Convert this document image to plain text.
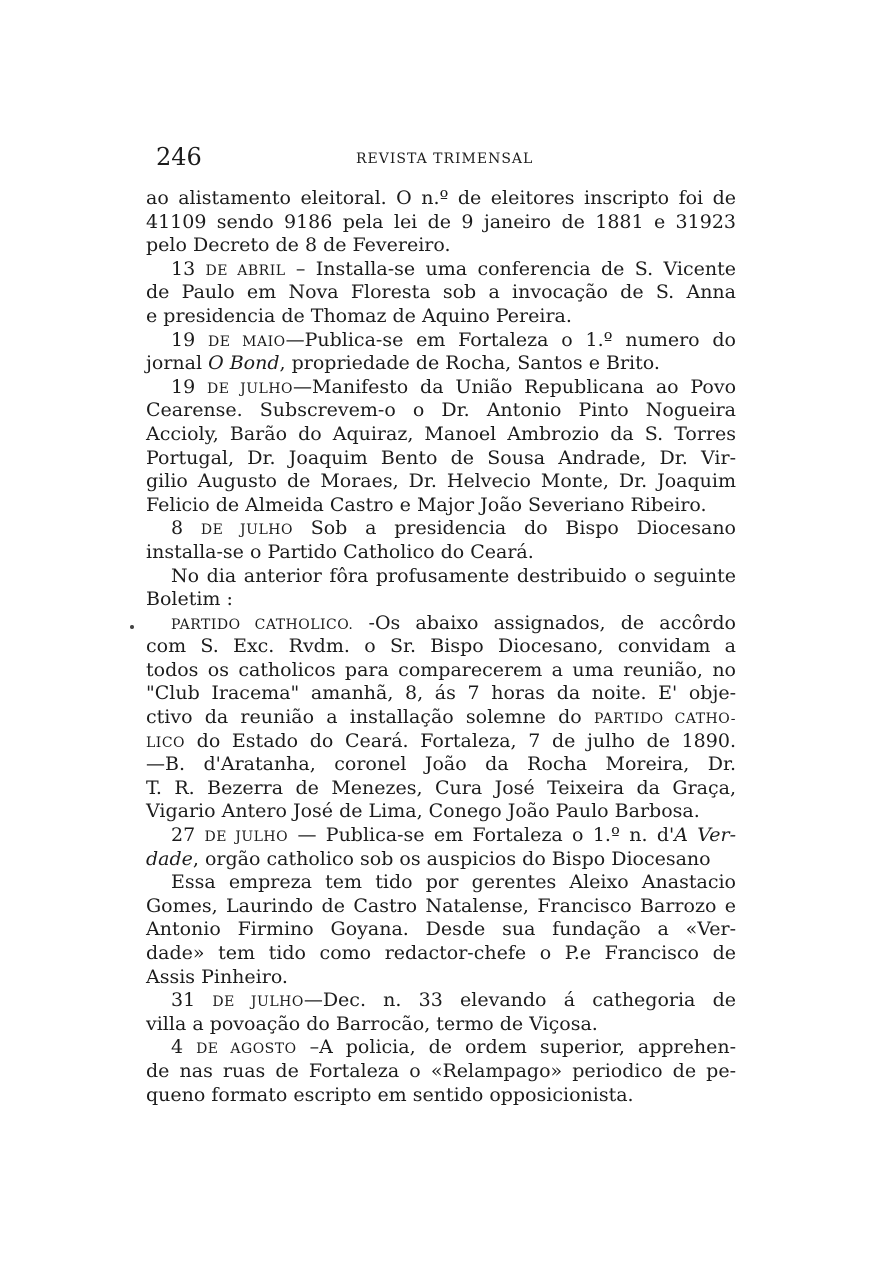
246	REVISTA TRIMENSAL
ao alistamento eleitoral. O n.º de eleitores inscripto foi de
41109 sendo 9186 pela lei de 9 janeiro de 1881 e 31923
pelo Decreto de 8 de Fevereiro.
13 DE ABRIL – Installa-se uma conferencia de S. Vicente
de Paulo em Nova Floresta sob a invocação de S. Anna
e presidencia de Thomaz de Aquino Pereira.
19 DE MAIO—Publica-se em Fortaleza o 1.º numero do
jornal O Bond, propriedade de Rocha, Santos e Brito.
19 DE JULHO—Manifesto da União Republicana ao Povo
Cearense. Subscrevem-o o Dr. Antonio Pinto Nogueira
Accioly, Barão do Aquiraz, Manoel Ambrozio da S. Torres
Portugal, Dr. Joaquim Bento de Sousa Andrade, Dr. Vir-
gilio Augusto de Moraes, Dr. Helvecio Monte, Dr. Joaquim
Felicio de Almeida Castro e Major João Severiano Ribeiro.
8 DE JULHO Sob a presidencia do Bispo Diocesano
installa-se o Partido Catholico do Ceará.
No dia anterior fôra profusamente destribuido o seguinte
Boletim :
PARTIDO CATHOLICO. -Os abaixo assignados, de accôrdo
com S. Exc. Rvdm. o Sr. Bispo Diocesano, convidam a
todos os catholicos para comparecerem a uma reunião, no
"Club Iracema" amanhã, 8, ás 7 horas da noite. E' obje-
ctivo da reunião a installação solemne do PARTIDO CATHO-
LICO do Estado do Ceará. Fortaleza, 7 de julho de 1890.
—B. d'Aratanha, coronel João da Rocha Moreira, Dr.
T. R. Bezerra de Menezes, Cura José Teixeira da Graça,
Vigario Antero José de Lima, Conego João Paulo Barbosa.
27 DE JULHO — Publica-se em Fortaleza o 1.º n. d'A Ver-
dade, orgão catholico sob os auspicios do Bispo Diocesano
Essa empreza tem tido por gerentes Aleixo Anastacio
Gomes, Laurindo de Castro Natalense, Francisco Barrozo e
Antonio Firmino Goyana. Desde sua fundação a «Ver-
dade» tem tido como redactor-chefe o P.e Francisco de
Assis Pinheiro.
31 DE JULHO—Dec. n. 33 elevando á cathegoria de
villa a povoação do Barrocão, termo de Viçosa.
4 DE AGOSTO –A policia, de ordem superior, apprehen-
de nas ruas de Fortaleza o «Relampago» periodico de pe-
queno formato escripto em sentido opposicionista.
